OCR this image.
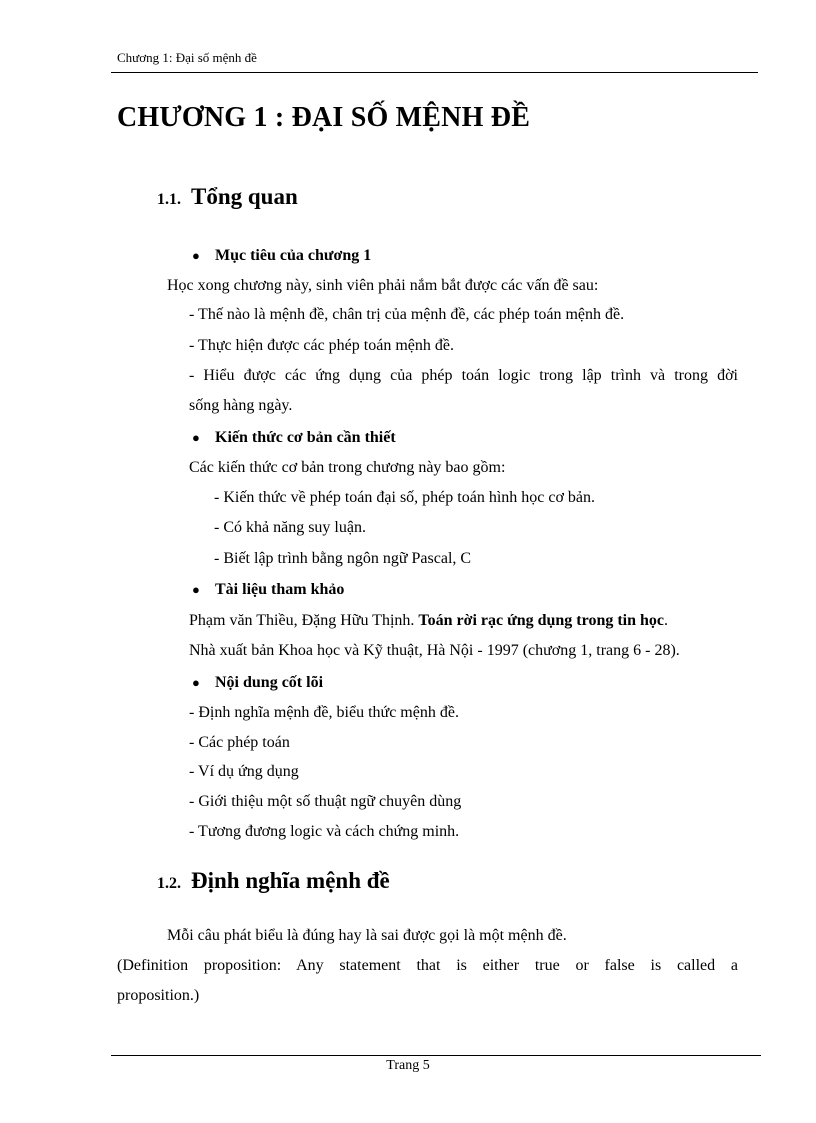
Chương 1: Đại số mệnh đề
CHƯƠNG 1 : ĐẠI SỐ MỆNH ĐỀ
1.1. Tổng quan
● Mục tiêu của chương 1
Học xong chương này, sinh viên phải nắm bắt được các vấn đề sau:
- Thế nào là mệnh đề, chân trị của mệnh đề, các phép toán mệnh đề.
- Thực hiện được các phép toán mệnh đề.
- Hiểu được các ứng dụng của phép toán logic trong lập trình và trong đời
sống hàng ngày.
● Kiến thức cơ bản cần thiết
Các kiến thức cơ bản trong chương này bao gồm:
- Kiến thức về phép toán đại số, phép toán hình học cơ bản.
- Có khả năng suy luận.
- Biết lập trình bằng ngôn ngữ Pascal, C
● Tài liệu tham khảo
Phạm văn Thiều, Đặng Hữu Thịnh. Toán rời rạc ứng dụng trong tin học.
Nhà xuất bản Khoa học và Kỹ thuật, Hà Nội - 1997 (chương 1, trang 6 - 28).
● Nội dung cốt lõi
- Định nghĩa mệnh đề, biểu thức mệnh đề.
- Các phép toán
- Ví dụ ứng dụng
- Giới thiệu một số thuật ngữ chuyên dùng
- Tương đương logic và cách chứng minh.
1.2. Định nghĩa mệnh đề
Mỗi câu phát biểu là đúng hay là sai được gọi là một mệnh đề.
(Definition proposition: Any statement that is either true or false is called a
proposition.)
Trang 5
